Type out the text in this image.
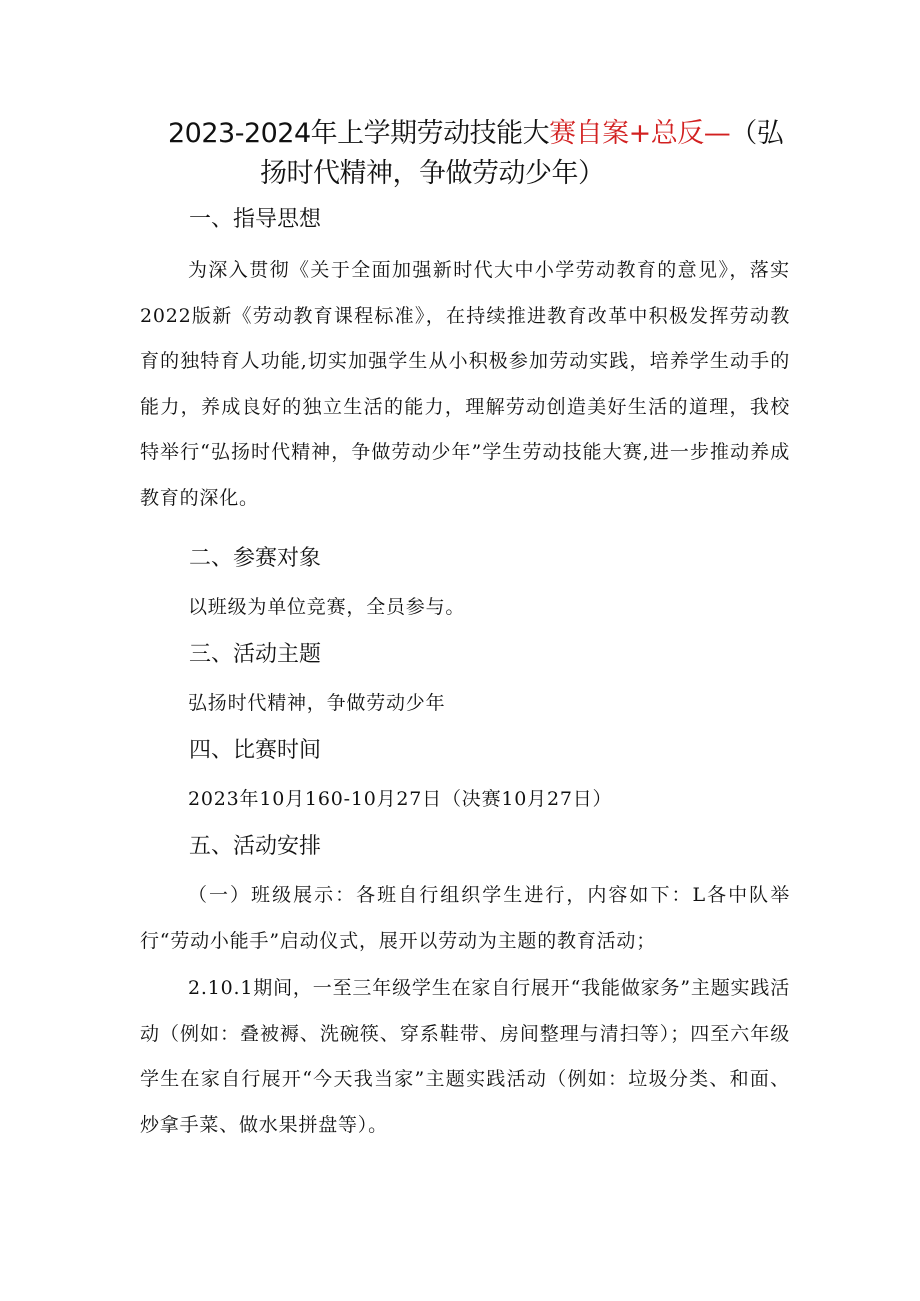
2023-2024年上学期劳动技能大赛自案+总反—（弘
扬时代精神，争做劳动少年）
一、指导思想

为深入贯彻《关于全面加强新时代大中小学劳动教育的意见》，落实2022版新《劳动教育课程标准》，在持续推进教育改革中积极发挥劳动教育的独特育人功能,切实加强学生从小积极参加劳动实践，培养学生动手的能力，养成良好的独立生活的能力，理解劳动创造美好生活的道理，我校特举行“弘扬时代精神，争做劳动少年”学生劳动技能大赛,进一步推动养成教育的深化。

二、参赛对象

以班级为单位竞赛，全员参与。

三、活动主题

弘扬时代精神，争做劳动少年

四、比赛时间

2023年10月160-10月27日（决赛10月27日）

五、活动安排

（一）班级展示：各班自行组织学生进行，内容如下：L各中队举行“劳动小能手”启动仪式，展开以劳动为主题的教育活动；

2.10.1期间，一至三年级学生在家自行展开“我能做家务”主题实践活动（例如：叠被褥、洗碗筷、穿系鞋带、房间整理与清扫等）；四至六年级学生在家自行展开“今天我当家”主题实践活动（例如：垃圾分类、和面、炒拿手菜、做水果拼盘等）。
